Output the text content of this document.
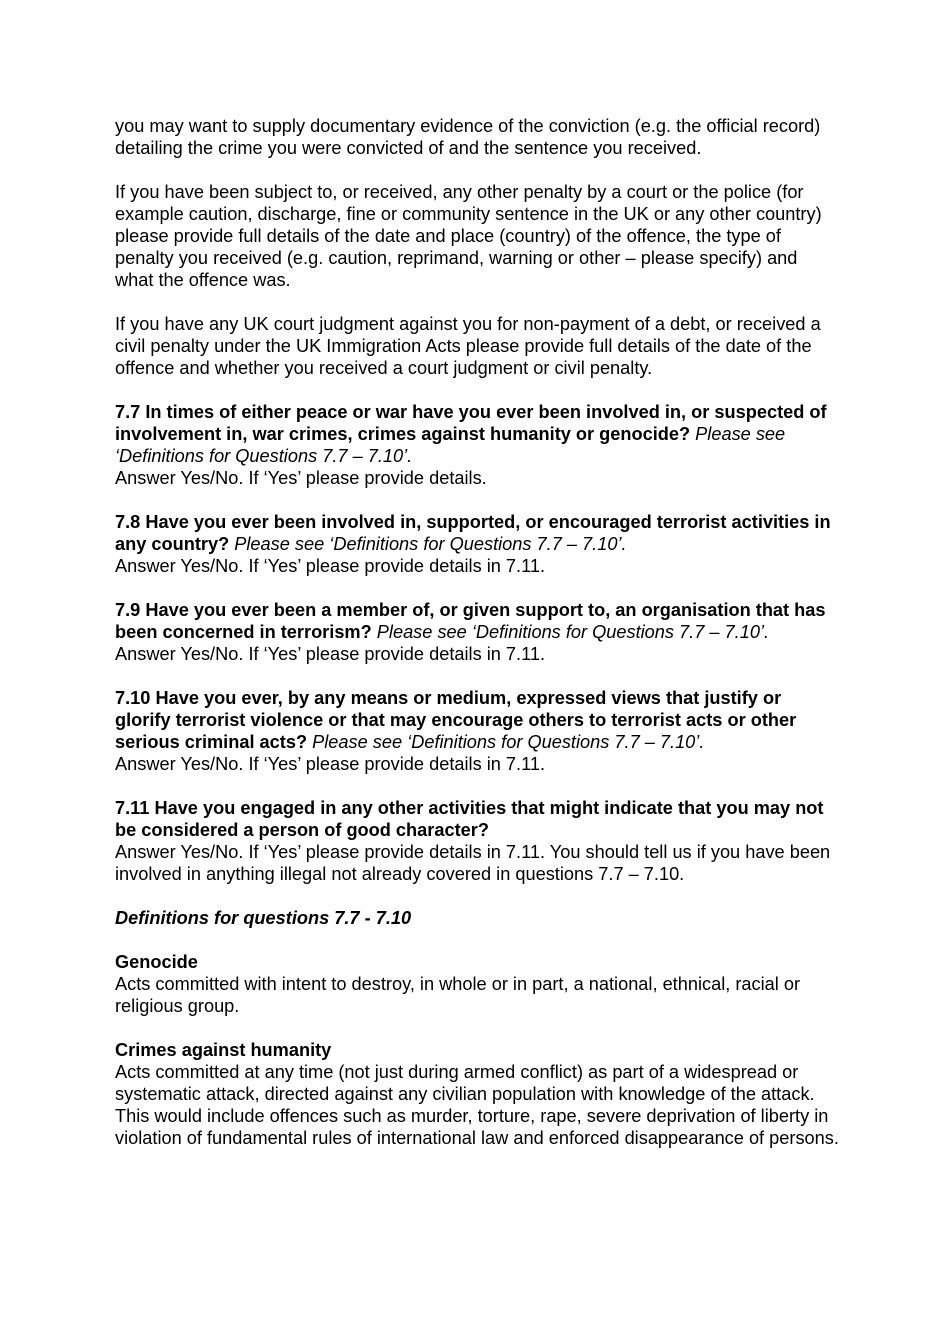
you may want to supply documentary evidence of the conviction (e.g. the official record) detailing the crime you were convicted of and the sentence you received.

If you have been subject to, or received, any other penalty by a court or the police (for example caution, discharge, fine or community sentence in the UK or any other country) please provide full details of the date and place (country) of the offence, the type of penalty you received (e.g. caution, reprimand, warning or other – please specify) and what the offence was.

If you have any UK court judgment against you for non-payment of a debt, or received a civil penalty under the UK Immigration Acts please provide full details of the date of the offence and whether you received a court judgment or civil penalty.

7.7 In times of either peace or war have you ever been involved in, or suspected of involvement in, war crimes, crimes against humanity or genocide? Please see ‘Definitions for Questions 7.7 – 7.10’.
Answer Yes/No. If ‘Yes’ please provide details.
7.8 Have you ever been involved in, supported, or encouraged terrorist activities in any country? Please see ‘Definitions for Questions 7.7 – 7.10’.
Answer Yes/No. If ‘Yes’ please provide details in 7.11.
7.9 Have you ever been a member of, or given support to, an organisation that has been concerned in terrorism? Please see ‘Definitions for Questions 7.7 – 7.10’.
Answer Yes/No. If ‘Yes’ please provide details in 7.11.
7.10 Have you ever, by any means or medium, expressed views that justify or glorify terrorist violence or that may encourage others to terrorist acts or other serious criminal acts? Please see ‘Definitions for Questions 7.7 – 7.10’.
Answer Yes/No. If ‘Yes’ please provide details in 7.11.
7.11 Have you engaged in any other activities that might indicate that you may not be considered a person of good character?
Answer Yes/No. If ‘Yes’ please provide details in 7.11. You should tell us if you have been involved in anything illegal not already covered in questions 7.7 – 7.10.
Definitions for questions 7.7 - 7.10
Genocide
Acts committed with intent to destroy, in whole or in part, a national, ethnical, racial or religious group.
Crimes against humanity
Acts committed at any time (not just during armed conflict) as part of a widespread or systematic attack, directed against any civilian population with knowledge of the attack. This would include offences such as murder, torture, rape, severe deprivation of liberty in violation of fundamental rules of international law and enforced disappearance of persons.
